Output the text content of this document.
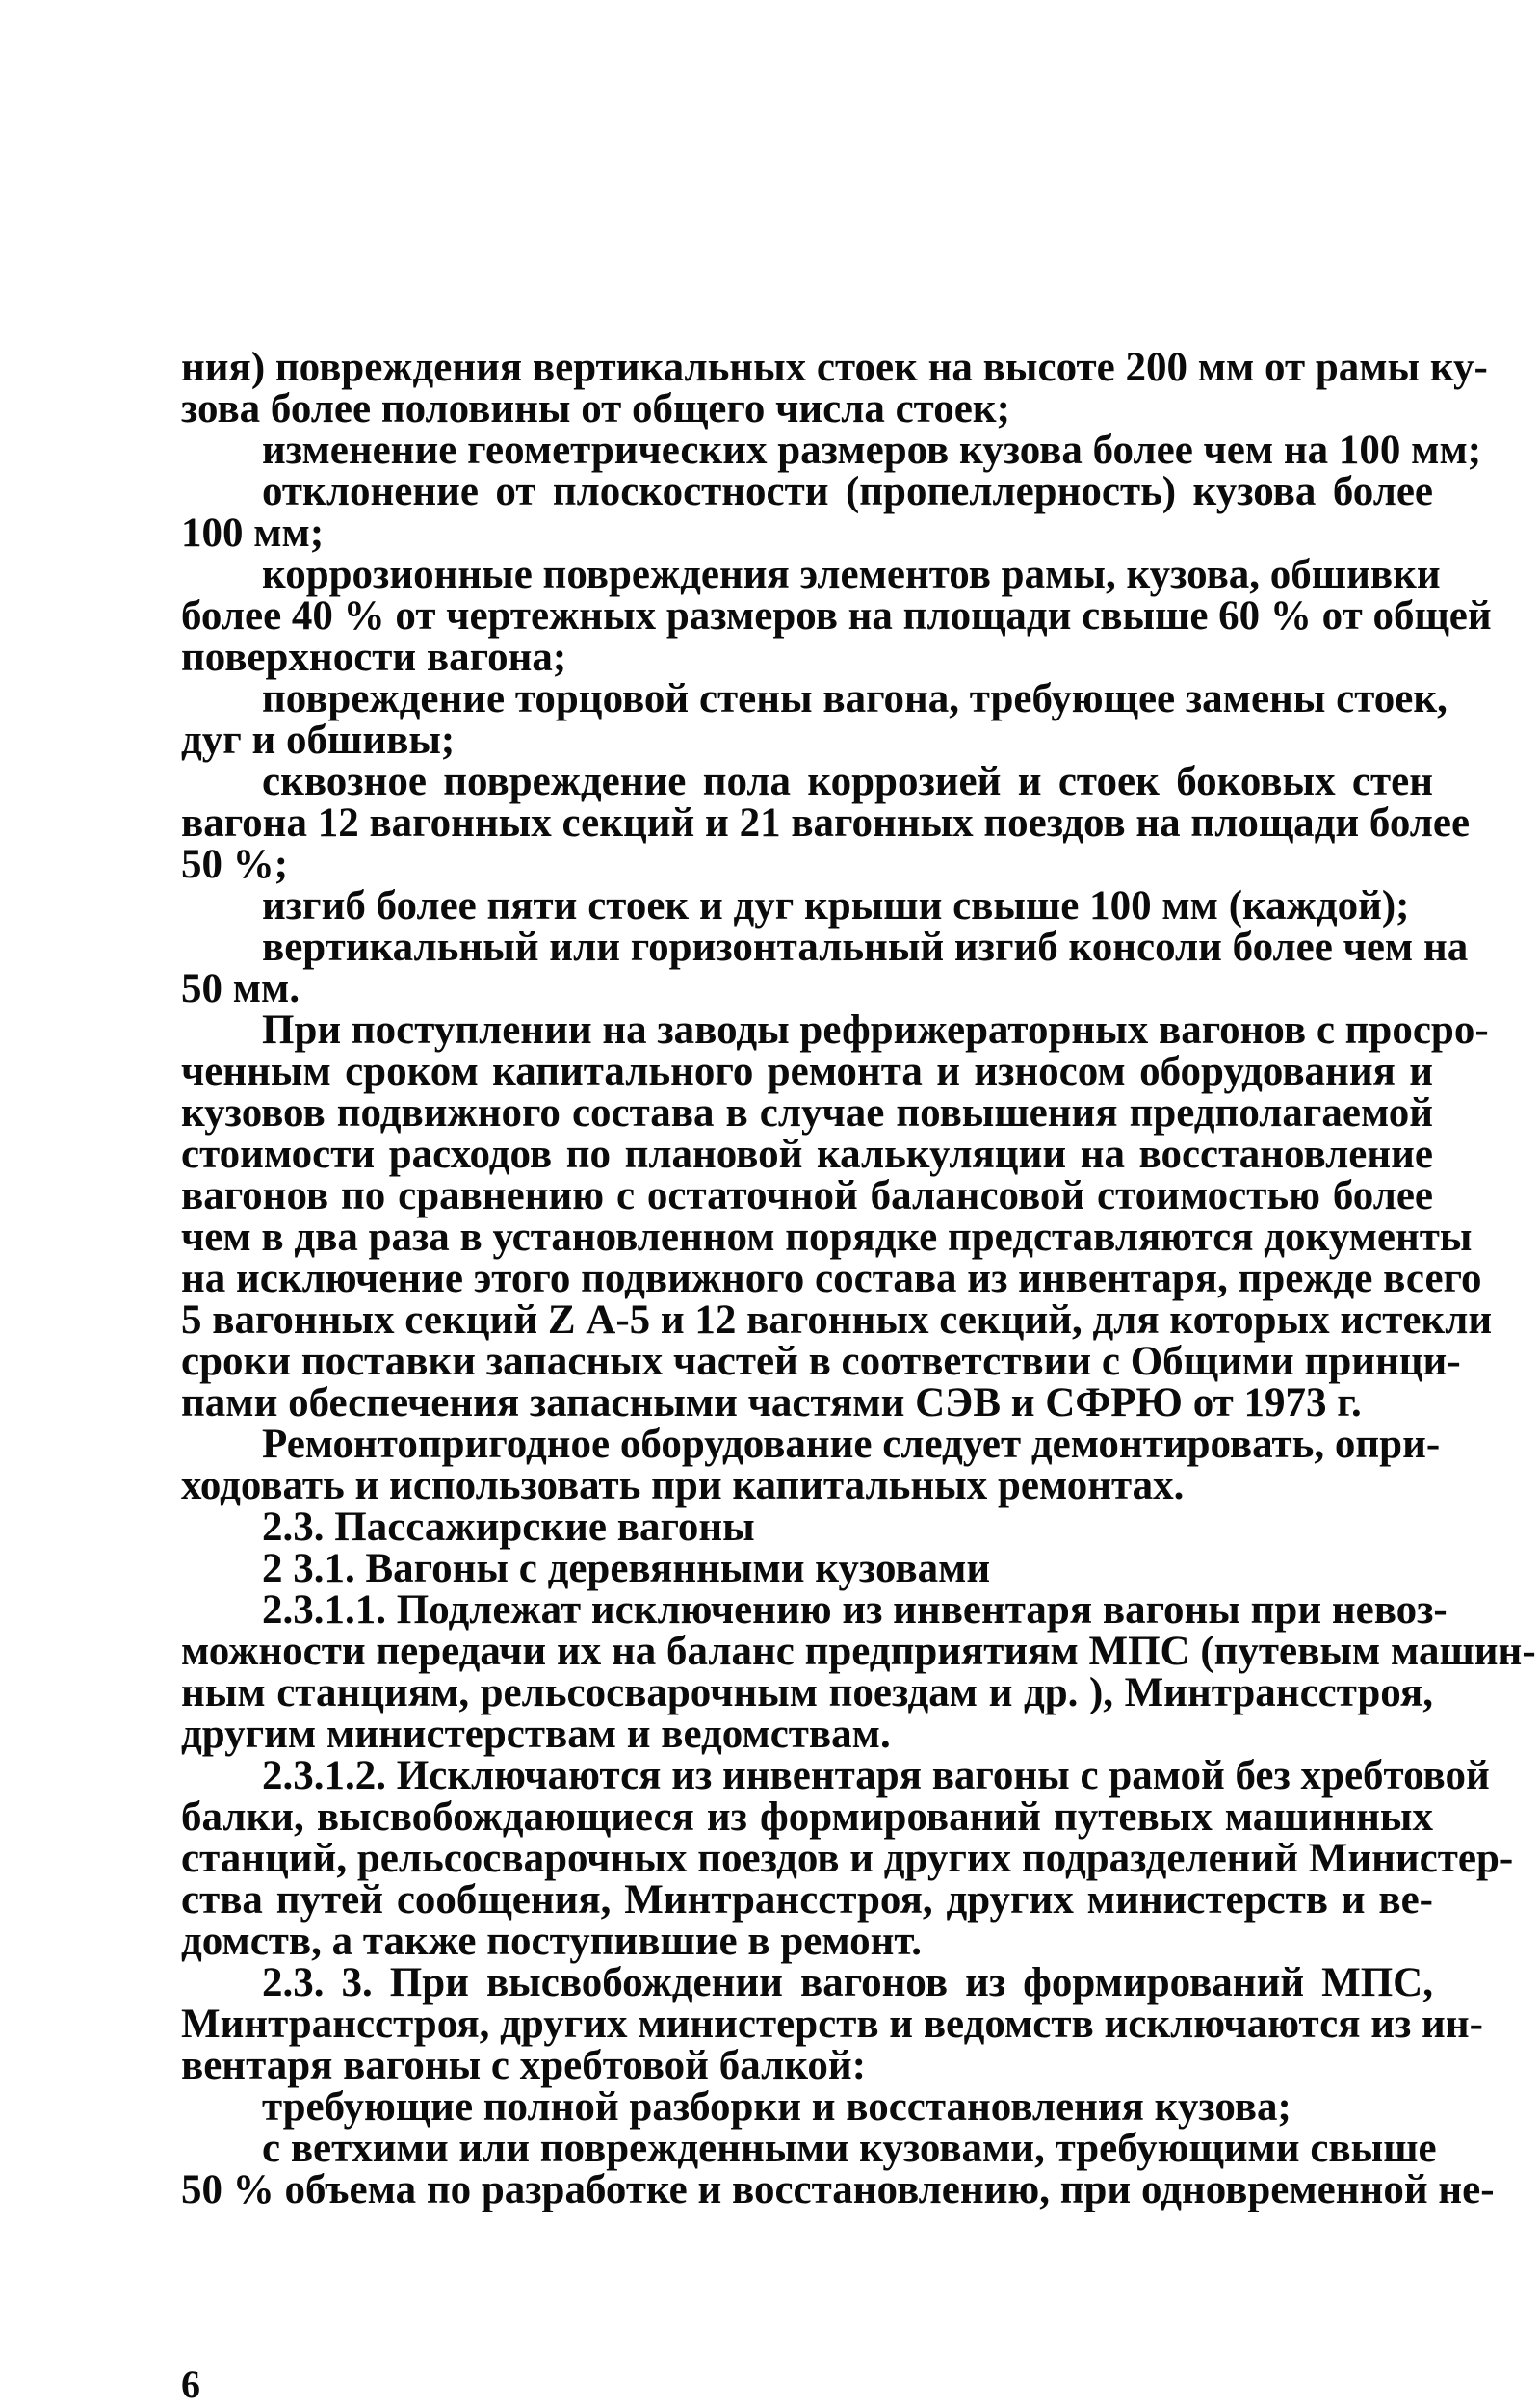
ния) повреждения вертикальных стоек на высоте 200 мм от рамы ку-
зова более половины от общего числа стоек;
изменение геометрических размеров кузова более чем на 100 мм;
отклонение от плоскостности (пропеллерность) кузова более
100 мм;
коррозионные повреждения элементов рамы, кузова, обшивки
более 40 % от чертежных размеров на площади свыше 60 % от общей
поверхности вагона;
повреждение торцовой стены вагона, требующее замены стоек,
дуг и обшивы;
сквозное повреждение пола коррозией и стоек боковых стен
вагона 12 вагонных секций и 21 вагонных поездов на площади более
50 %;
изгиб более пяти стоек и дуг крыши свыше 100 мм (каждой);
вертикальный или горизонтальный изгиб консоли более чем на
50 мм.
При поступлении на заводы рефрижераторных вагонов с просро-
ченным сроком капитального ремонта и износом оборудования и
кузовов подвижного состава в случае повышения предполагаемой
стоимости расходов по плановой калькуляции на восстановление
вагонов по сравнению с остаточной балансовой стоимостью более
чем в два раза в установленном порядке представляются документы
на исключение этого подвижного состава из инвентаря, прежде всего
5 вагонных секций Z А-5 и 12 вагонных секций, для которых истекли
сроки поставки запасных частей в соответствии с Общими принци-
пами обеспечения запасными частями СЭВ и СФРЮ от 1973 г.
Ремонтопригодное оборудование следует демонтировать, опри-
ходовать и использовать при капитальных ремонтах.
2.3. Пассажирские вагоны
2 3.1. Вагоны с деревянными кузовами
2.3.1.1. Подлежат исключению из инвентаря вагоны при невоз-
можности передачи их на баланс предприятиям МПС (путевым машин-
ным станциям, рельсосварочным поездам и др. ), Минтрансстроя,
другим министерствам и ведомствам.
2.3.1.2. Исключаются из инвентаря вагоны с рамой без хребтовой
балки, высвобождающиеся из формирований путевых машинных
станций, рельсосварочных поездов и других подразделений Министер-
ства путей сообщения, Минтрансстроя, других министерств и ве-
домств, а также поступившие в ремонт.
2.3. 3. При высвобождении вагонов из формирований МПС,
Минтрансстроя, других министерств и ведомств исключаются из ин-
вентаря вагоны с хребтовой балкой:
требующие полной разборки и восстановления кузова;
с ветхими или поврежденными кузовами, требующими свыше
50 % объема по разработке и восстановлению, при одновременной не-
6
